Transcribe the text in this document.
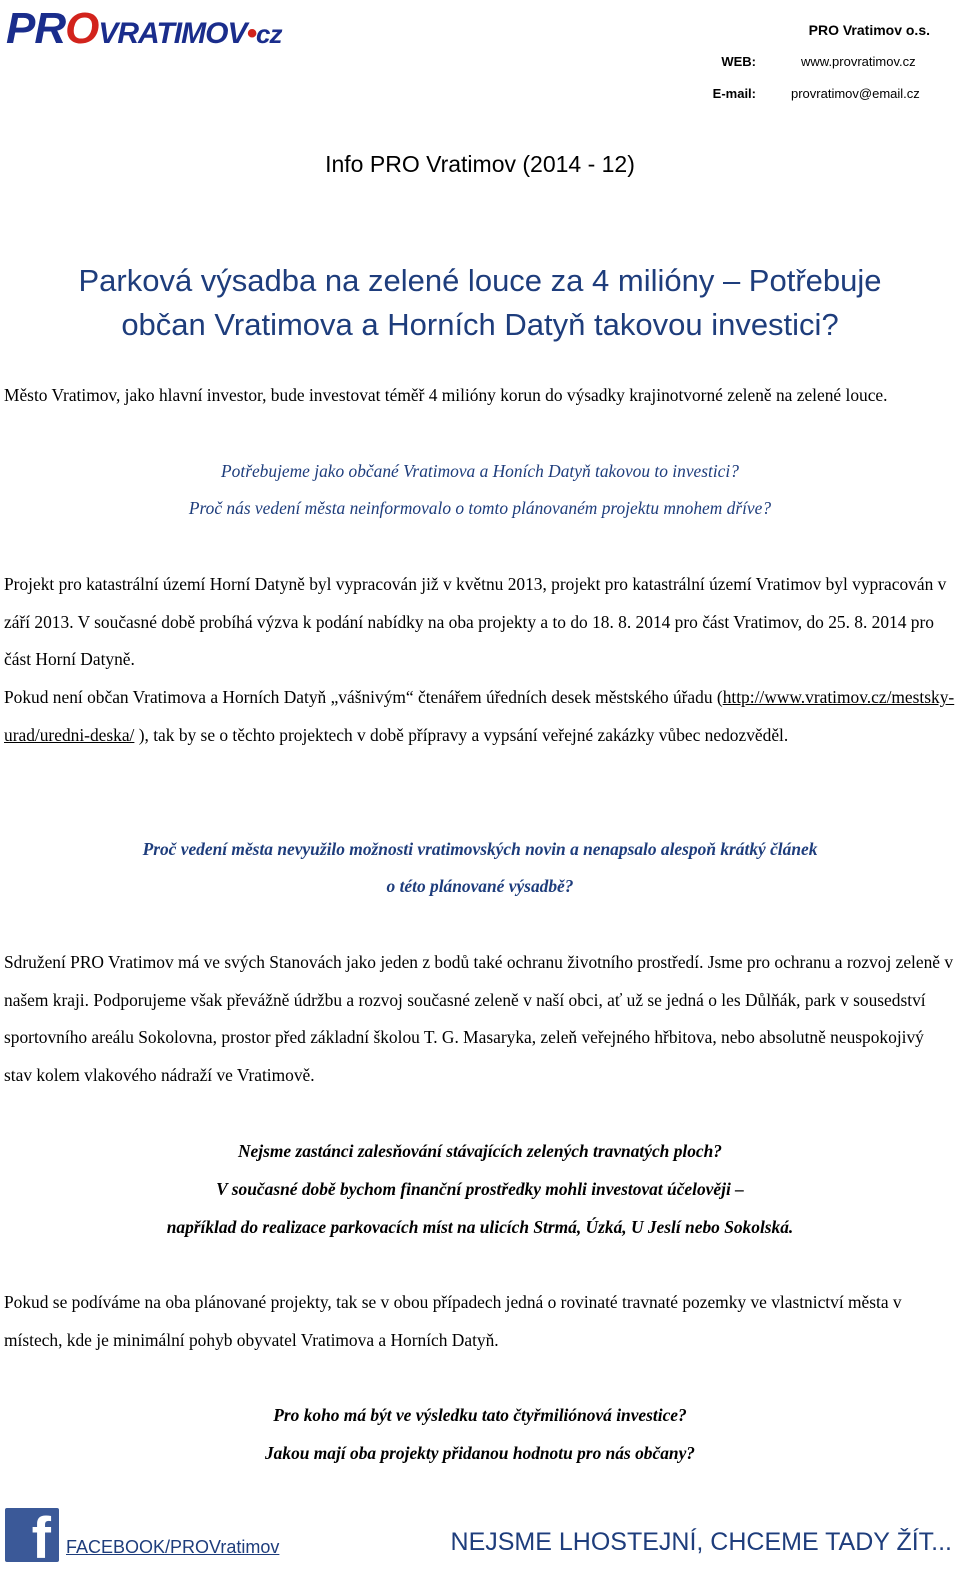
PROVRATIMOV•cz	PRO Vratimov o.s.
WEB:	www.provratimov.cz
E-mail:	provratimov@email.cz
Info PRO Vratimov (2014 - 12)
Parková výsadba na zelené louce za 4 milióny – Potřebuje
občan Vratimova a Horních Datyň takovou investici?
Město Vratimov, jako hlavní investor, bude investovat téměř 4 milióny korun do výsadky krajinotvorné zeleně na zelené louce.
Potřebujeme jako občané Vratimova a Honích Datyň takovou to investici?
Proč nás vedení města neinformovalo o tomto plánovaném projektu mnohem dříve?
Projekt pro katastrální území Horní Datyně byl vypracován již v květnu 2013, projekt pro katastrální území Vratimov byl vypracován v září 2013. V současné době probíhá výzva k podání nabídky na oba projekty a to do 18. 8. 2014 pro část Vratimov, do 25. 8. 2014 pro část Horní Datyně.
Pokud není občan Vratimova a Horních Datyň „vášnivým“ čtenářem úředních desek městského úřadu (http://www.vratimov.cz/mestsky-urad/uredni-deska/ ), tak by se o těchto projektech v době přípravy a vypsání veřejné zakázky vůbec nedozvěděl.
Proč vedení města nevyužilo možnosti vratimovských novin a nenapsalo alespoň krátký článek
o této plánované výsadbě?
Sdružení PRO Vratimov má ve svých Stanovách jako jeden z bodů také ochranu životního prostředí. Jsme pro ochranu a rozvoj zeleně v našem kraji. Podporujeme však převážně údržbu a rozvoj současné zeleně v naší obci, ať už se jedná o les Důlňák, park v sousedství sportovního areálu Sokolovna, prostor před základní školou T. G. Masaryka, zeleň veřejného hřbitova, nebo absolutně neuspokojivý stav kolem vlakového nádraží ve Vratimově.
Nejsme zastánci zalesňování stávajících zelených travnatých ploch?
V současné době bychom finanční prostředky mohli investovat účelověji –
například do realizace parkovacích míst na ulicích Strmá, Úzká, U Jeslí nebo Sokolská.
Pokud se podíváme na oba plánované projekty, tak se v obou případech jedná o rovinaté travnaté pozemky ve vlastnictví města v místech, kde je minimální pohyb obyvatel Vratimova a Horních Datyň.
Pro koho má být ve výsledku tato čtyřmiliónová investice?
Jakou mají oba projekty přidanou hodnotu pro nás občany?
f FACEBOOK/PROVratimov	NEJSME LHOSTEJNÍ, CHCEME TADY ŽÍT...
